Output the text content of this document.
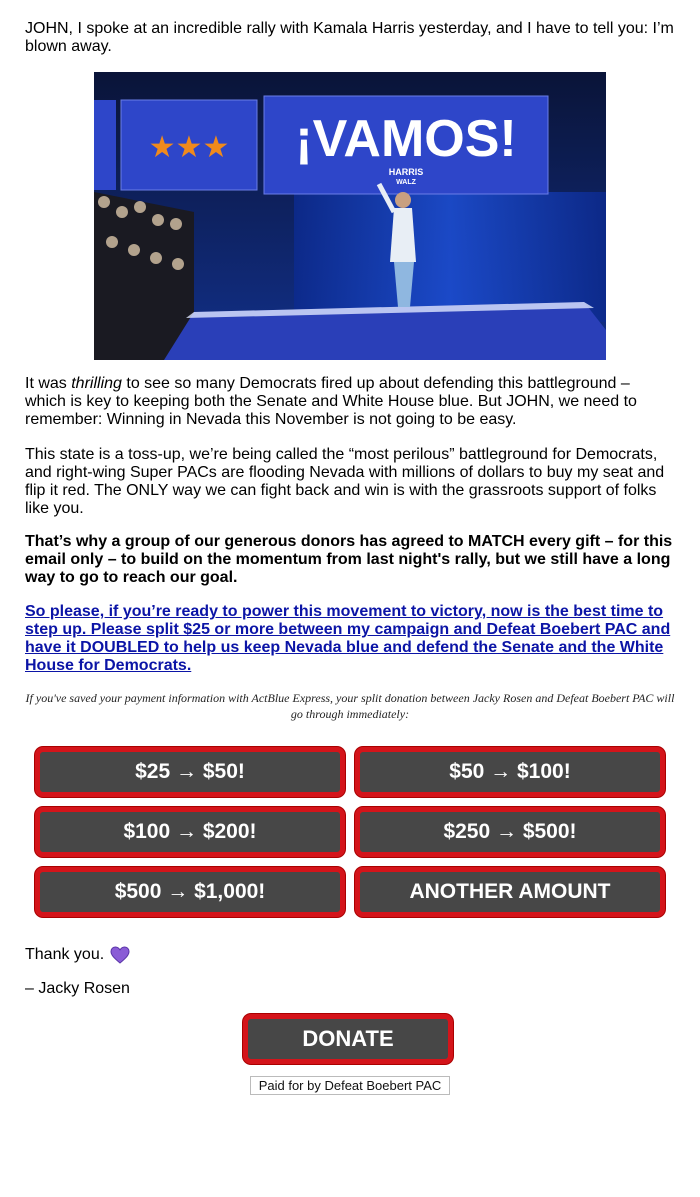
JOHN, I spoke at an incredible rally with Kamala Harris yesterday, and I have to tell you: I’m blown away.

★★★ ¡VAMOS!
HARRIS
WALZ

It was thrilling to see so many Democrats fired up about defending this battleground – which is key to keeping both the Senate and White House blue. But JOHN, we need to remember: Winning in Nevada this November is not going to be easy.

This state is a toss-up, we’re being called the “most perilous” battleground for Democrats, and right-wing Super PACs are flooding Nevada with millions of dollars to buy my seat and flip it red. The ONLY way we can fight back and win is with the grassroots support of folks like you.

That’s why a group of our generous donors has agreed to MATCH every gift – for this email only – to build on the momentum from last night's rally, but we still have a long way to go to reach our goal.

So please, if you’re ready to power this movement to victory, now is the best time to step up. Please split $25 or more between my campaign and Defeat Boebert PAC and have it DOUBLED to help us keep Nevada blue and defend the Senate and the White House for Democrats.

If you've saved your payment information with ActBlue Express, your split donation between Jacky Rosen and Defeat Boebert PAC will go through immediately:
$25 → $50!	$50 → $100!
$100 → $200!	$250 → $500!
$500 → $1,000!	ANOTHER AMOUNT
Thank you.
– Jacky Rosen
DONATE
Paid for by Defeat Boebert PAC
